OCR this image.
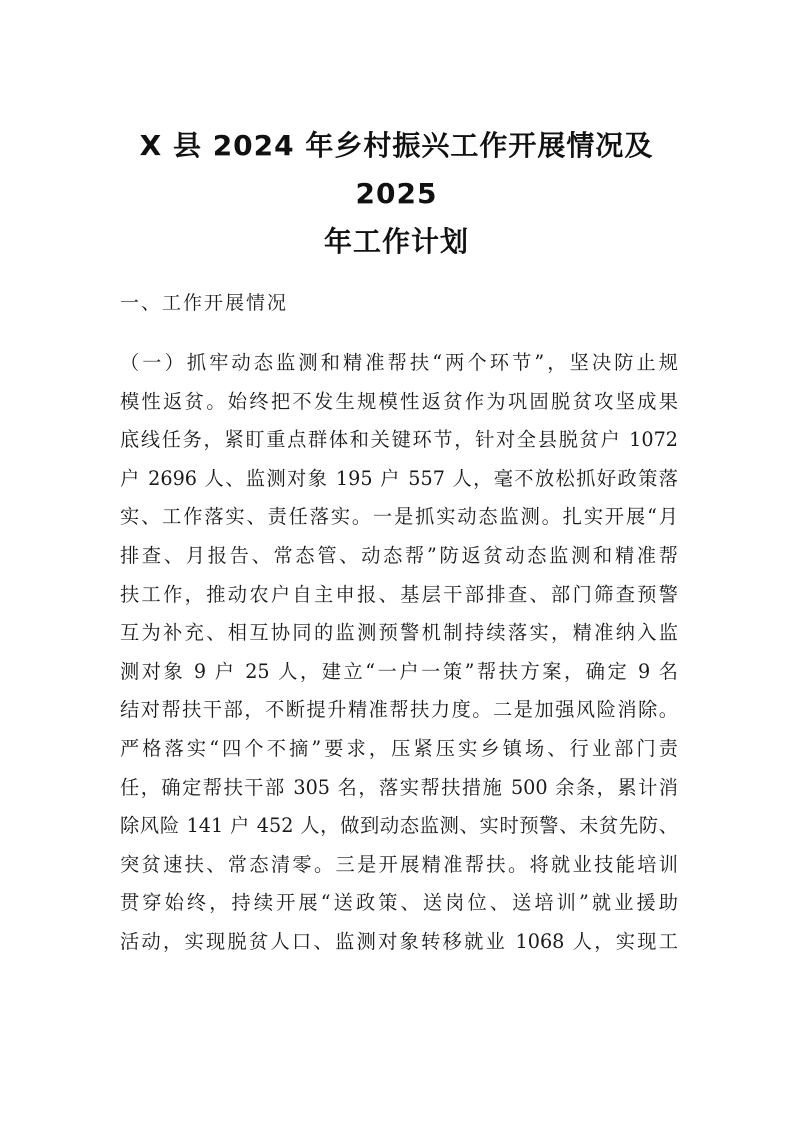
X 县 2024 年乡村振兴工作开展情况及 2025
年工作计划

一、工作开展情况

（一）抓牢动态监测和精准帮扶“两个环节”，坚决防止规
模性返贫。始终把不发生规模性返贫作为巩固脱贫攻坚成果
底线任务，紧盯重点群体和关键环节，针对全县脱贫户 1072
户 2696 人、监测对象 195 户 557 人，毫不放松抓好政策落
实、工作落实、责任落实。一是抓实动态监测。扎实开展“月
排查、月报告、常态管、动态帮”防返贫动态监测和精准帮
扶工作，推动农户自主申报、基层干部排查、部门筛查预警
互为补充、相互协同的监测预警机制持续落实，精准纳入监
测对象 9 户 25 人，建立“一户一策”帮扶方案，确定 9 名
结对帮扶干部，不断提升精准帮扶力度。二是加强风险消除。
严格落实“四个不摘”要求，压紧压实乡镇场、行业部门责
任，确定帮扶干部 305 名，落实帮扶措施 500 余条，累计消
除风险 141 户 452 人，做到动态监测、实时预警、未贫先防、
突贫速扶、常态清零。三是开展精准帮扶。将就业技能培训
贯穿始终，持续开展“送政策、送岗位、送培训”就业援助
活动，实现脱贫人口、监测对象转移就业 1068 人，实现工
